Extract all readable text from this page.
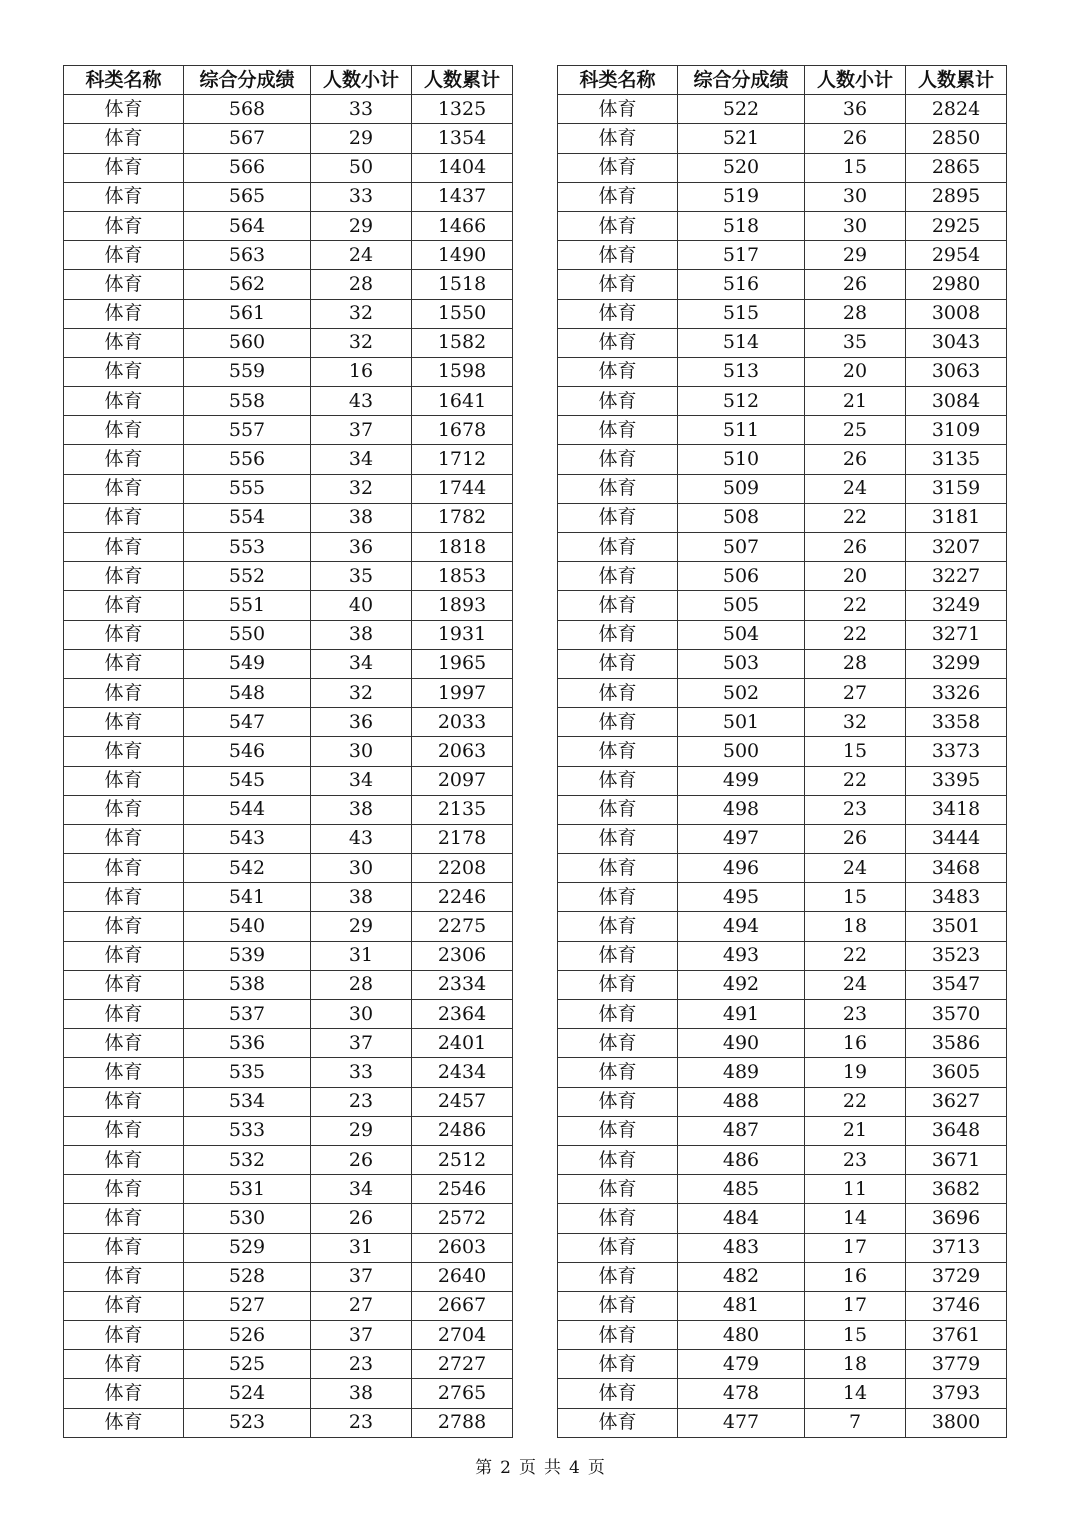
科类名称	综合分成绩	人数小计	人数累计
体育	568	33	1325
体育	567	29	1354
体育	566	50	1404
体育	565	33	1437
体育	564	29	1466
体育	563	24	1490
体育	562	28	1518
体育	561	32	1550
体育	560	32	1582
体育	559	16	1598
体育	558	43	1641
体育	557	37	1678
体育	556	34	1712
体育	555	32	1744
体育	554	38	1782
体育	553	36	1818
体育	552	35	1853
体育	551	40	1893
体育	550	38	1931
体育	549	34	1965
体育	548	32	1997
体育	547	36	2033
体育	546	30	2063
体育	545	34	2097
体育	544	38	2135
体育	543	43	2178
体育	542	30	2208
体育	541	38	2246
体育	540	29	2275
体育	539	31	2306
体育	538	28	2334
体育	537	30	2364
体育	536	37	2401
体育	535	33	2434
体育	534	23	2457
体育	533	29	2486
体育	532	26	2512
体育	531	34	2546
体育	530	26	2572
体育	529	31	2603
体育	528	37	2640
体育	527	27	2667
体育	526	37	2704
体育	525	23	2727
体育	524	38	2765
体育	523	23	2788
科类名称	综合分成绩	人数小计	人数累计
体育	522	36	2824
体育	521	26	2850
体育	520	15	2865
体育	519	30	2895
体育	518	30	2925
体育	517	29	2954
体育	516	26	2980
体育	515	28	3008
体育	514	35	3043
体育	513	20	3063
体育	512	21	3084
体育	511	25	3109
体育	510	26	3135
体育	509	24	3159
体育	508	22	3181
体育	507	26	3207
体育	506	20	3227
体育	505	22	3249
体育	504	22	3271
体育	503	28	3299
体育	502	27	3326
体育	501	32	3358
体育	500	15	3373
体育	499	22	3395
体育	498	23	3418
体育	497	26	3444
体育	496	24	3468
体育	495	15	3483
体育	494	18	3501
体育	493	22	3523
体育	492	24	3547
体育	491	23	3570
体育	490	16	3586
体育	489	19	3605
体育	488	22	3627
体育	487	21	3648
体育	486	23	3671
体育	485	11	3682
体育	484	14	3696
体育	483	17	3713
体育	482	16	3729
体育	481	17	3746
体育	480	15	3761
体育	479	18	3779
体育	478	14	3793
体育	477	7	3800
第 2 页 共 4 页
